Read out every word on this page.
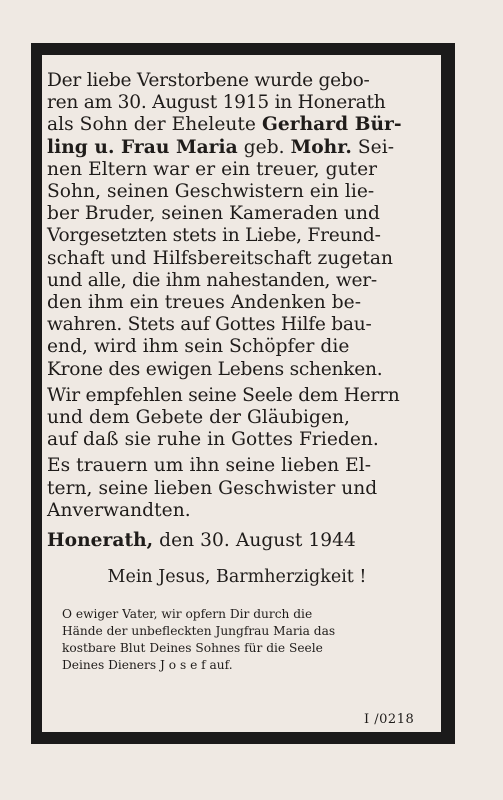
Der liebe Verstorbene wurde gebo-
ren am 30. August 1915 in Honerath
als Sohn der Eheleute Gerhard Bür-
ling u. Frau Maria geb. Mohr. Sei-
nen Eltern war er ein treuer, guter
Sohn, seinen Geschwistern ein lie-
ber Bruder, seinen Kameraden und
Vorgesetzten stets in Liebe, Freund-
schaft und Hilfsbereitschaft zugetan
und alle, die ihm nahestanden, wer-
den ihm ein treues Andenken be-
wahren. Stets auf Gottes Hilfe bau-
end, wird ihm sein Schöpfer die
Krone des ewigen Lebens schenken.
Wir empfehlen seine Seele dem Herrn
und dem Gebete der Gläubigen,
auf daß sie ruhe in Gottes Frieden.
Es trauern um ihn seine lieben El-
tern, seine lieben Geschwister und
Anverwandten.
Honerath, den 30. August 1944
Mein Jesus, Barmherzigkeit !
O ewiger Vater, wir opfern Dir durch die
Hände der unbefleckten Jungfrau Maria das
kostbare Blut Deines Sohnes für die Seele
Deines Dieners J o s e f auf.
I /0218
